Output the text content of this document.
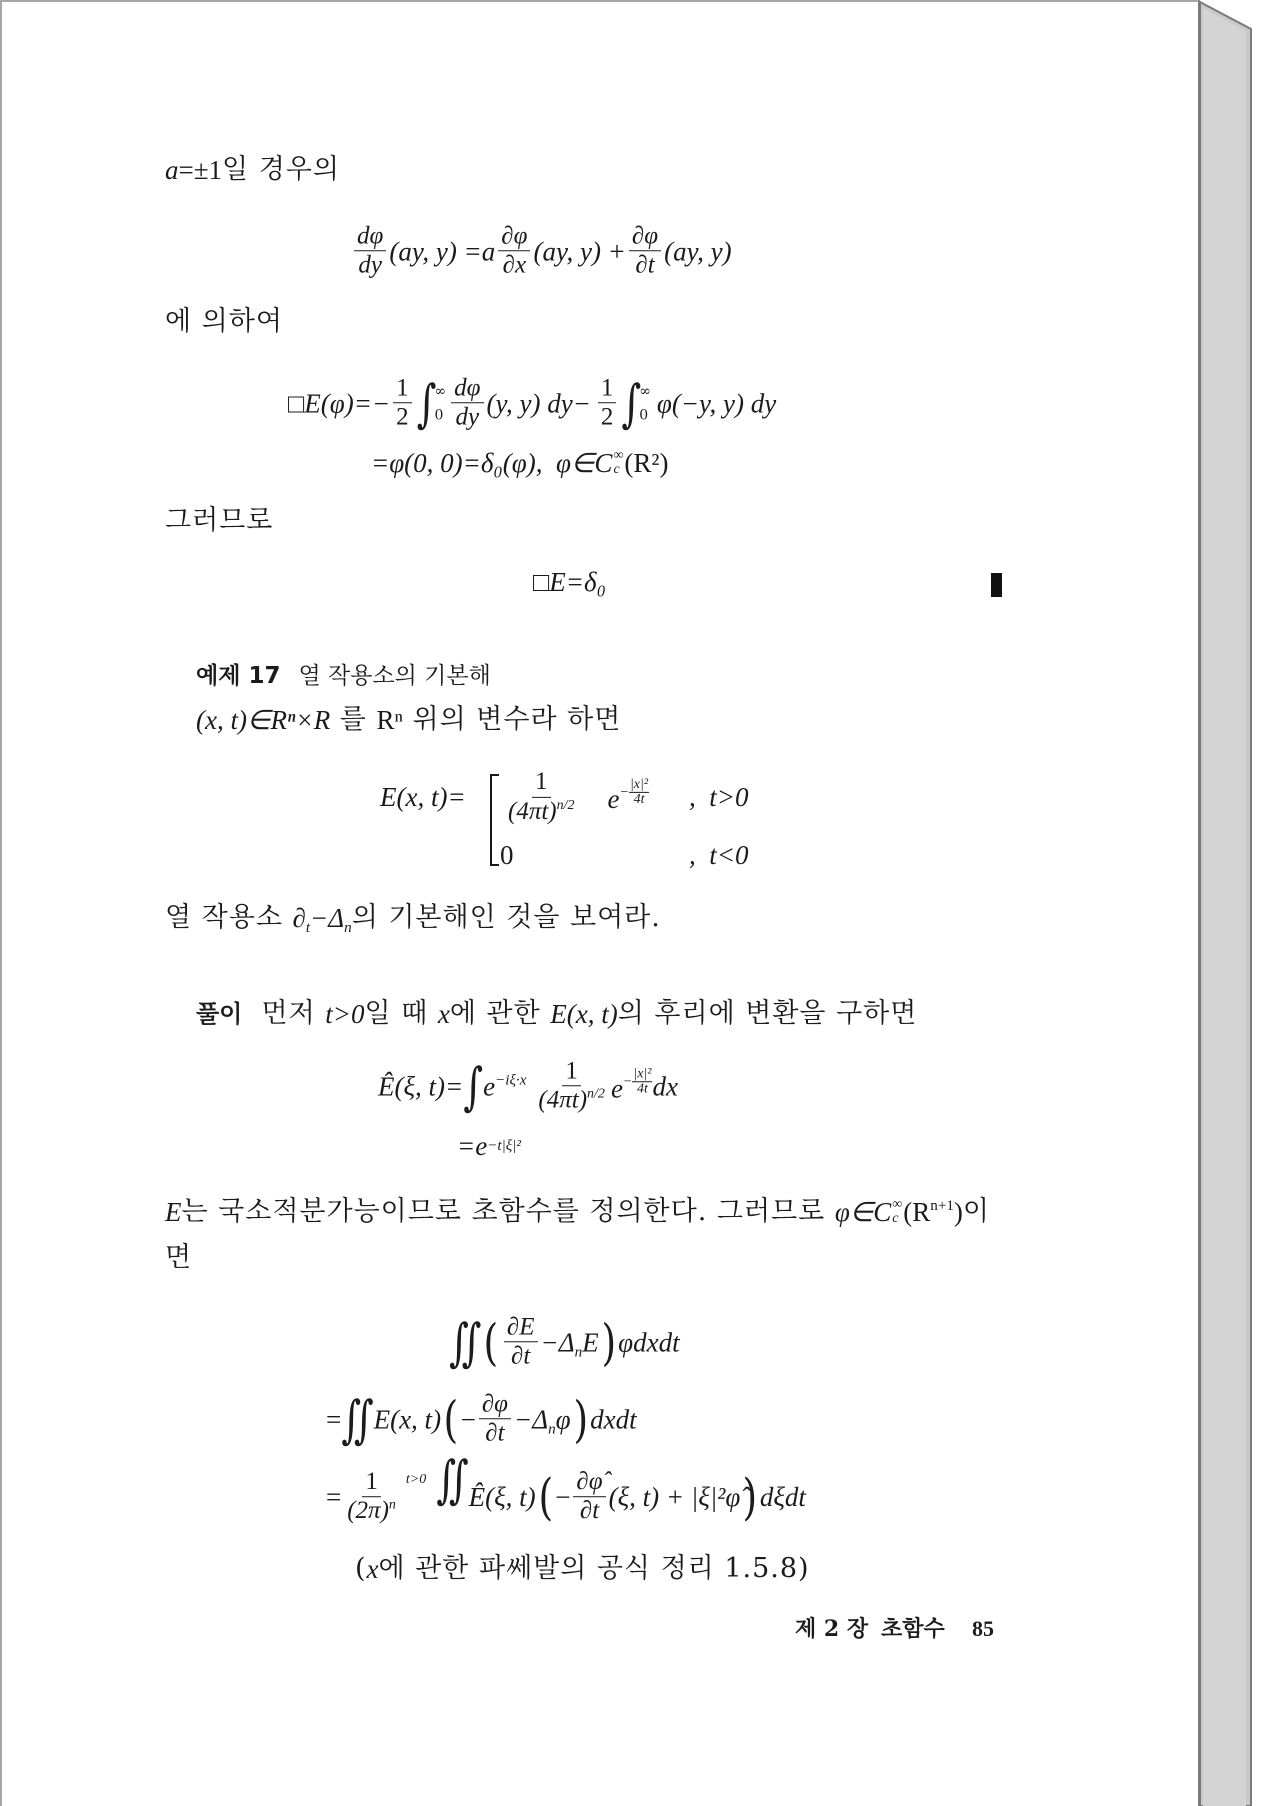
a =±1 일 경우의
$\frac{d\varphi}{dy} (ay$, $y) =a \frac{\partial\varphi}{\partial x} (ay$, $y) + \frac{\partial\varphi}{\partial t} (ay$, y)
에 의하여
□E(φ)=− $\frac{1}{2}$ ∫
∞
$0 \frac{d\varphi}{dy} (y$, y) $dy- \frac{1}{2}$ ∫
∞
0 φ(−y, y) dy
=φ(0, 0)=δ₀(φ),  φ∈C ∞
c (R²)
그러므로
□E=δ₀
예제 17 열 작용소의 기본해
(x, t)∈Rⁿ×R 를 Rⁿ 위의 변수라 하면
E(x, $t)= \frac{1}{(4\pi t)^{n/2}}$	$e - \frac{\text{|x|²}}{4t}$

,  t>0
0	,  t<0
열 작용소 $\partial_t-\Delta_n$ 의 기본해인 것을 보여라.
풀이 먼저 t>0 일 때 x 에 관한 E(x, t) 의 후리에 변환을 구하면
Ê(ξ, t)= ∫ $e^{-i\xi\cdot x} \frac{1}{(4\pi t)^{n/2}}$ $e - \frac{\text{|x|²}}{4t}$ dx
=e −t|ξ|²
E 는 국소적분가능이므로 초함수를 정의한다. 그러므로 φ∈C ∞
c $(R^{n+1})$ 이
면
∬ ( $\frac{\partial E}{\partial t} -\Delta_nE$ ) φdxdt
= ∬ E(x, t) ( − $\frac{\partial\varphi}{\partial t} -\Delta_n\varphi$ ) dxdt
= $\frac{1}{(2\pi)^n}$ ∬

t>0

Ê(ξ, t) ( − $\frac{\partial\varphî}{\partial t} (\xi$, t) + |ξ|²φ̂ ) dξdt
( x 에 관한 파쎄발의 공식 정리 1.5.8)
제 2 장 초함수 85
